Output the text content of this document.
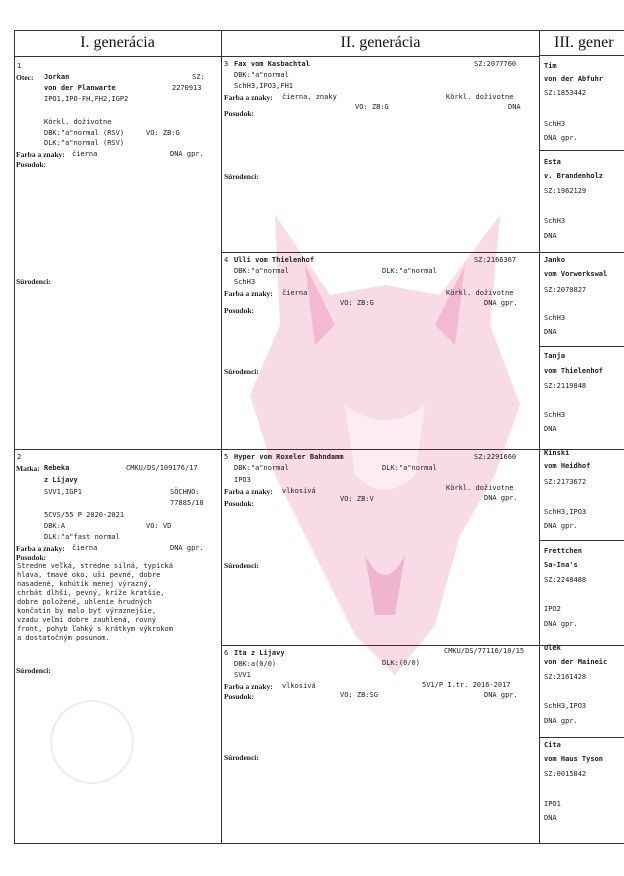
I. generácia	II. generácia	III. gener
1
Otec: Jorkan	SZ:
von der Planwarte	2270913
IPO1,IPO-FH,FH2,IGP2
Körkl. doživotne
DBK:"a"normal (RSV)	VO: ZB:G
DLK:"a"normal (RSV)
Farba a znaky: čierna	DNA gpr.
Posudok:
Súrodenci:
2
Matka: Rebeka	CMKU/DS/109176/17
z Lijavy
SVV1,IGP1	SÖCHNO:
77885/18
5CVS/55 P 2020-2021
DBK:A	VO: VD
DLK:"a"fast normal
Farba a znaky: čierna	DNA gpr.
Posudok:
Stredne veľká, stredne silná, typická
hlava, tmavé oko, uši pevné, dobre
nasadené, kohútik menej výrazný,
chrbát dlhší, pevný, kríže kratšie,
dobre položené, uhlenie hrudných
končatín by malo byť výraznejšie,
vzadu veľmi dobre zauhlená, rovný
front, pohyb ľahký s krátkym výkrokom
a dostatočným posunom.
Súrodenci:
3 Fax vom Kasbachtal	SZ:2077760
DBK:"a"normal
SchH3,IPO3,FH1
Farba a znaky: čierna, znaky	Körkl. doživotne
VO: ZB:G	DNA
Posudok:
Súrodenci:
4 Ulli vom Thielenhof	SZ:2166367
DBK:"a"normal	DLK:"a"normal
SchH3
Farba a znaky: čierna	Körkl. doživotne
VO: ZB:G	DNA gpr.
Posudok:
Súrodenci:
5 Hyper vom Roxeler Bahndamm	SZ:2291660
DBK:"a"normal	DLK:"a"normal
IPO3
Farba a znaky: vlkosivá	Körkl. doživotne
VO: ZB:V	DNA gpr.
Posudok:
Súrodenci:
6 Ita z Lijavy	CMKU/DS/77116/10/15
DBK:a(0/0)	DLK:(0/0)
SVV1
Farba a znaky: vlkosivá	5V1/P I.tr. 2016-2017
VO: ZB:SG	DNA gpr.
Posudok:
Súrodenci:
Tim
von der Abfuhr
SZ:1853442
SchH3
DNA gpr.
Esta
v. Brandenholz
SZ:1962129
SchH3
DNA
Janko
vom Vorwerkswal
SZ:2070827
SchH3
DNA
Tanja
vom Thielenhof
SZ:2119848
SchH3
DNA
Kinski
vom Heidhof
SZ:2173672
SchH3,IPO3
DNA gpr.
Frettchen
Sa-Ina's
SZ:2248488
IPO2
DNA gpr.
Olek
von der Maineic
SZ:2161428
SchH3,IPO3
DNA gpr.
Cita
vom Haus Tyson
SZ:0015842
IPO1
DNA
